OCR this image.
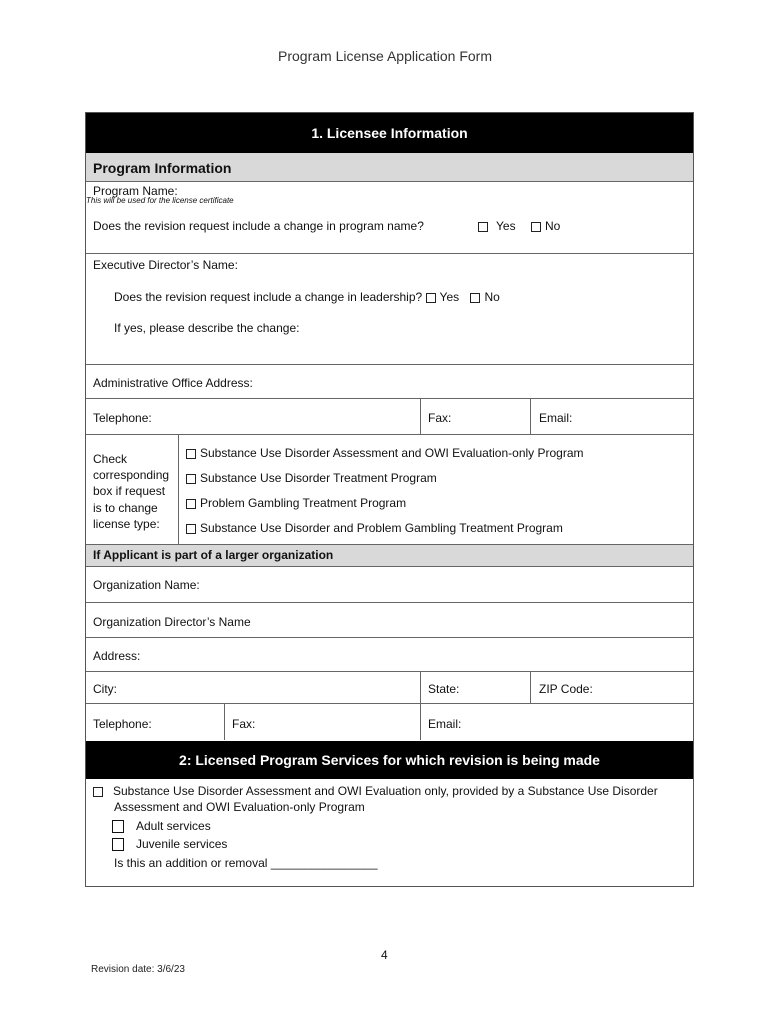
Program License Application Form
1. Licensee Information
Program Information
Program Name:
This will be used for the license certificate
Does the revision request include a change in program name?	Yes	No
Executive Director’s Name:
Does the revision request include a change in leadership? Yes No
If yes, please describe the change:
Administrative Office Address:
Telephone:	Fax:	Email:
Check
corresponding
box if request
is to change
license type:
Substance Use Disorder Assessment and OWI Evaluation-only Program
Substance Use Disorder Treatment Program
Problem Gambling Treatment Program
Substance Use Disorder and Problem Gambling Treatment Program
If Applicant is part of a larger organization
Organization Name:
Organization Director’s Name
Address:
City:	State:	ZIP Code:
Telephone:	Fax:	Email:
2: Licensed Program Services for which revision is being made
Substance Use Disorder Assessment and OWI Evaluation only, provided by a Substance Use Disorder
Assessment and OWI Evaluation-only Program
Adult services
Juvenile services
Is this an addition or removal ________________
4
Revision date: 3/6/23
